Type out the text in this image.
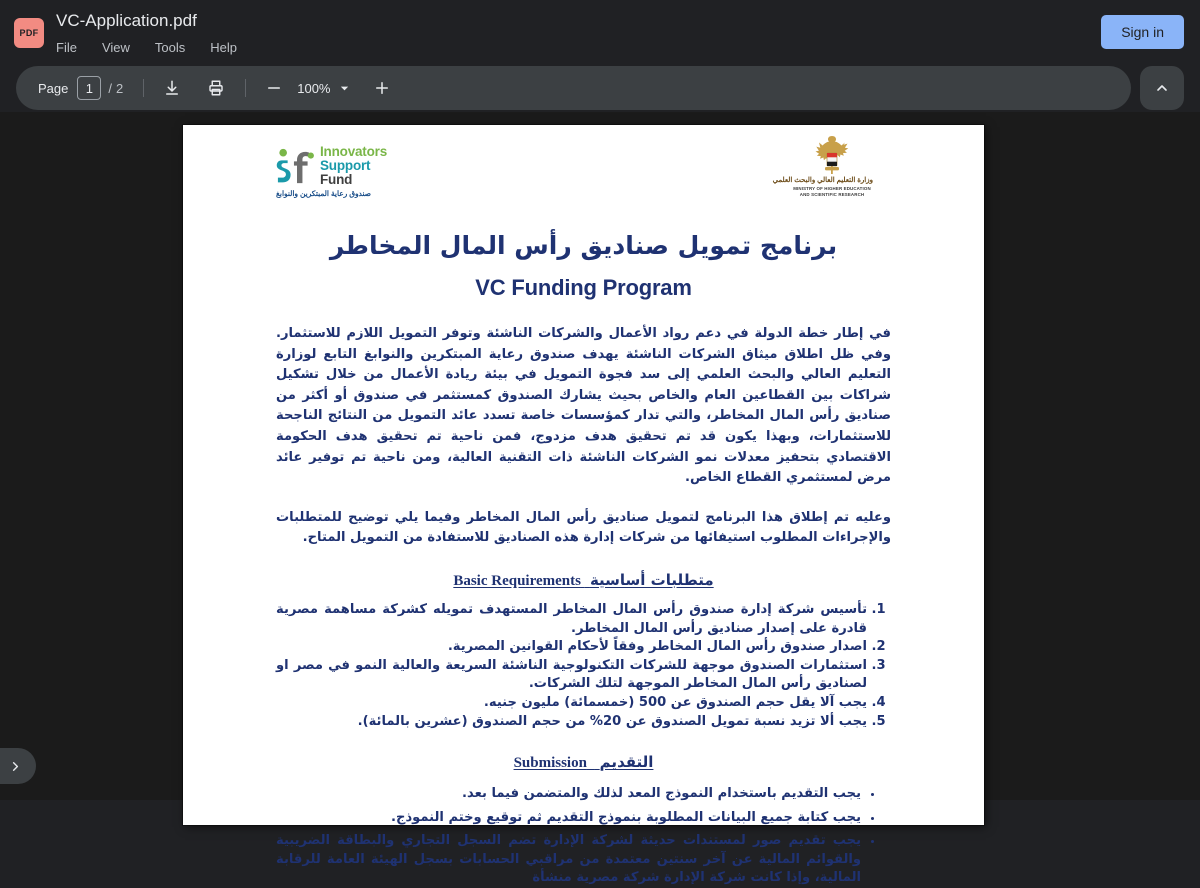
PDF
VC-Application.pdf
File	View	Tools	Help
Sign in
Page
1	/ 2	100%
Innovators
Support
Fund
صندوق رعاية المبتكرين والنوابغ
وزارة التعليم العالي والبحث العلمي
MINISTRY OF HIGHER EDUCATION
AND SCIENTIFIC RESEARCH
برنامج تمويل صناديق رأس المال المخاطر
VC Funding Program

في إطار خطة الدولة في دعم رواد الأعمال والشركات الناشئة وتوفر التمويل اللازم للاستثمار. وفي ظل اطلاق ميثاق الشركات الناشئة يهدف صندوق رعاية المبتكرين والنوابغ التابع لوزارة التعليم العالي والبحث العلمي إلى سد فجوة التمويل في بيئة ريادة الأعمال من خلال تشكيل شراكات بين القطاعين العام والخاص بحيث يشارك الصندوق كمستثمر في صندوق أو أكثر من صناديق رأس المال المخاطر، والتي تدار كمؤسسات خاصة تسدد عائد التمويل من النتائج الناجحة للاستثمارات، وبهذا يكون قد تم تحقيق هدف مزدوج، فمن ناحية تم تحقيق هدف الحكومة الاقتصادي بتحفيز معدلات نمو الشركات الناشئة ذات التقنية العالية، ومن ناحية تم توفير عائد مرض لمستثمري القطاع الخاص.

وعليه تم إطلاق هذا البرنامج لتمويل صناديق رأس المال المخاطر وفيما يلي توضيح للمتطلبات والإجراءات المطلوب استيفائها من شركات إدارة هذه الصناديق للاستفادة من التمويل المتاح.

متطلبات أساسية  Basic Requirements
1. تأسيس شركة إدارة صندوق رأس المال المخاطر المستهدف تمويله كشركة مساهمة مصرية قادرة على إصدار صناديق رأس المال المخاطر.
2. اصدار صندوق رأس المال المخاطر وفقاً لأحكام القوانين المصرية.
3. استثمارات الصندوق موجهة للشركات التكنولوجية الناشئة السريعة والعالية النمو في مصر او لصناديق رأس المال المخاطر الموجهة لتلك الشركات.
4. يجب آلا يقل حجم الصندوق عن 500 (خمسمائة) مليون جنيه.
5. يجب ألا تزيد نسبة تمويل الصندوق عن 20% من حجم الصندوق (عشرين بالمائة).
التقديم   Submission
• يجب التقديم باستخدام النموذج المعد لذلك والمتضمن فيما بعد.
• يجب كتابة جميع البيانات المطلوبة بنموذج التقديم ثم توقيع وختم النموذج.
• يجب تقديم صور لمستندات حديثة لشركة الإدارة تضم السجل التجاري والبطاقة الضريبية والقوائم المالية عن آخر سنتين معتمدة من مراقبي الحسابات بسجل الهيئة العامة للرقابة المالية، وإذا كانت شركة الإدارة شركة مصرية منشأة
